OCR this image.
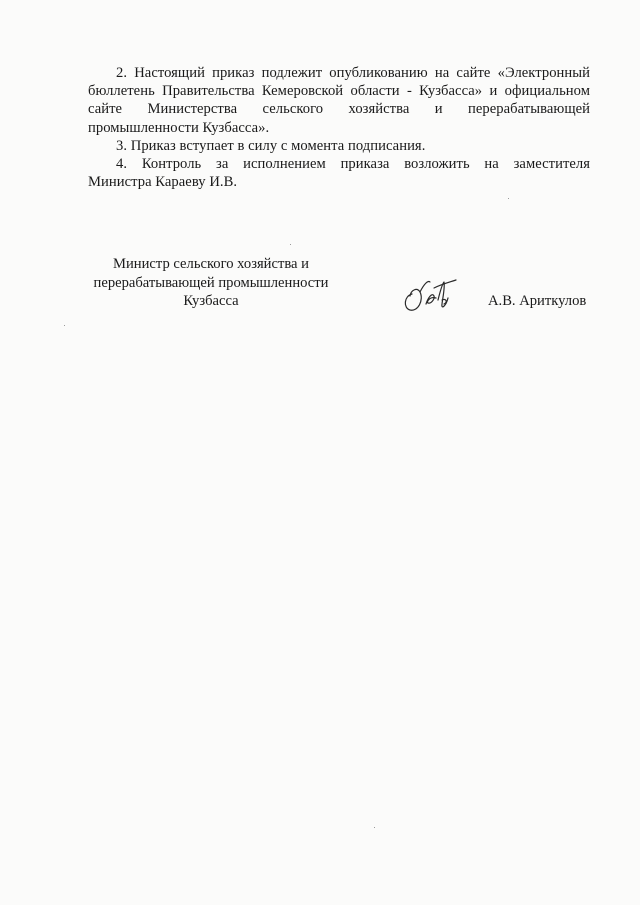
2. Настоящий приказ подлежит опубликованию на сайте «Электронный
бюллетень Правительства Кемеровской области - Кузбасса» и официальном
сайте Министерства сельского хозяйства и перерабатывающей
промышленности Кузбасса».

3. Приказ вступает в силу с момента подписания.

4. Контроль за исполнением приказа возложить на заместителя
Министра Караеву И.В.

Министр сельского хозяйства и
перерабатывающей промышленности
Кузбасса	А.В. Ариткулов
